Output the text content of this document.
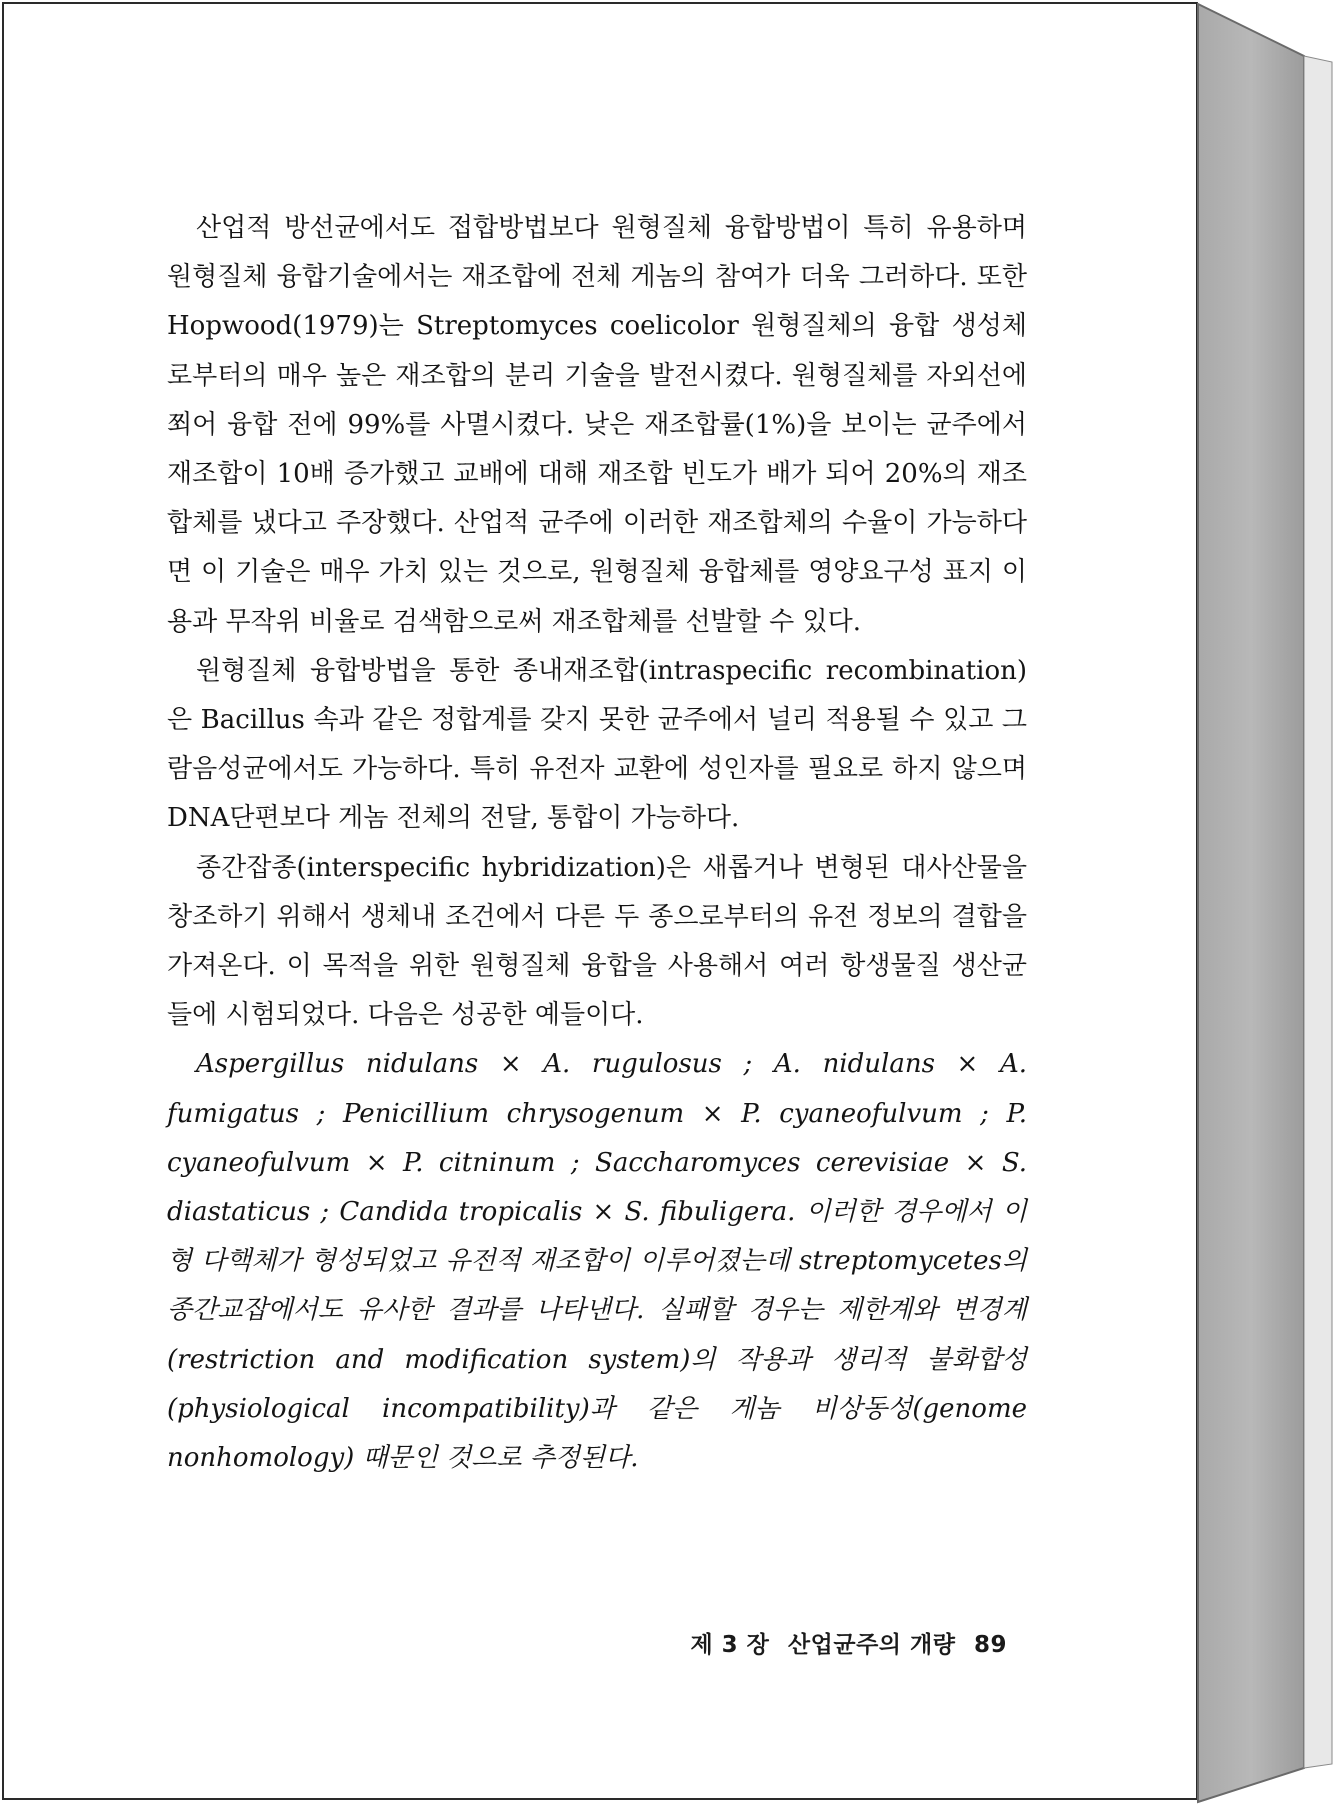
산업적 방선균에서도 접합방법보다 원형질체 융합방법이 특히 유용하며 원형질체 융합기술에서는 재조합에 전체 게놈의 참여가 더욱 그러하다. 또한 Hopwood(1979)는 Streptomyces coelicolor 원형질체의 융합 생성체로부터의 매우 높은 재조합의 분리 기술을 발전시켰다. 원형질체를 자외선에 쬐어 융합 전에 99%를 사멸시켰다. 낮은 재조합률(1%)을 보이는 균주에서 재조합이 10배 증가했고 교배에 대해 재조합 빈도가 배가 되어 20%의 재조합체를 냈다고 주장했다. 산업적 균주에 이러한 재조합체의 수율이 가능하다면 이 기술은 매우 가치 있는 것으로, 원형질체 융합체를 영양요구성 표지 이용과 무작위 비율로 검색함으로써 재조합체를 선발할 수 있다.

원형질체 융합방법을 통한 종내재조합(intraspecific recombination)은 Bacillus 속과 같은 정합계를 갖지 못한 균주에서 널리 적용될 수 있고 그람음성균에서도 가능하다. 특히 유전자 교환에 성인자를 필요로 하지 않으며 DNA단편보다 게놈 전체의 전달, 통합이 가능하다.

종간잡종(interspecific hybridization)은 새롭거나 변형된 대사산물을 창조하기 위해서 생체내 조건에서 다른 두 종으로부터의 유전 정보의 결합을 가져온다. 이 목적을 위한 원형질체 융합을 사용해서 여러 항생물질 생산균들에 시험되었다. 다음은 성공한 예들이다.

Aspergillus nidulans × A. rugulosus ; A. nidulans × A. fumigatus ; Penicillium chrysogenum × P. cyaneofulvum ; P. cyaneofulvum × P. citninum ; Saccharomyces cerevisiae × S. diastaticus ; Candida tropicalis × S. fibuligera. 이러한 경우에서 이형 다핵체가 형성되었고 유전적 재조합이 이루어졌는데 streptomycetes의 종간교잡에서도 유사한 결과를 나타낸다. 실패할 경우는 제한계와 변경계(restriction and modification system)의 작용과 생리적 불화합성(physiological incompatibility)과 같은 게놈 비상동성(genome nonhomology) 때문인 것으로 추정된다.

제 3 장 산업균주의 개량 89
